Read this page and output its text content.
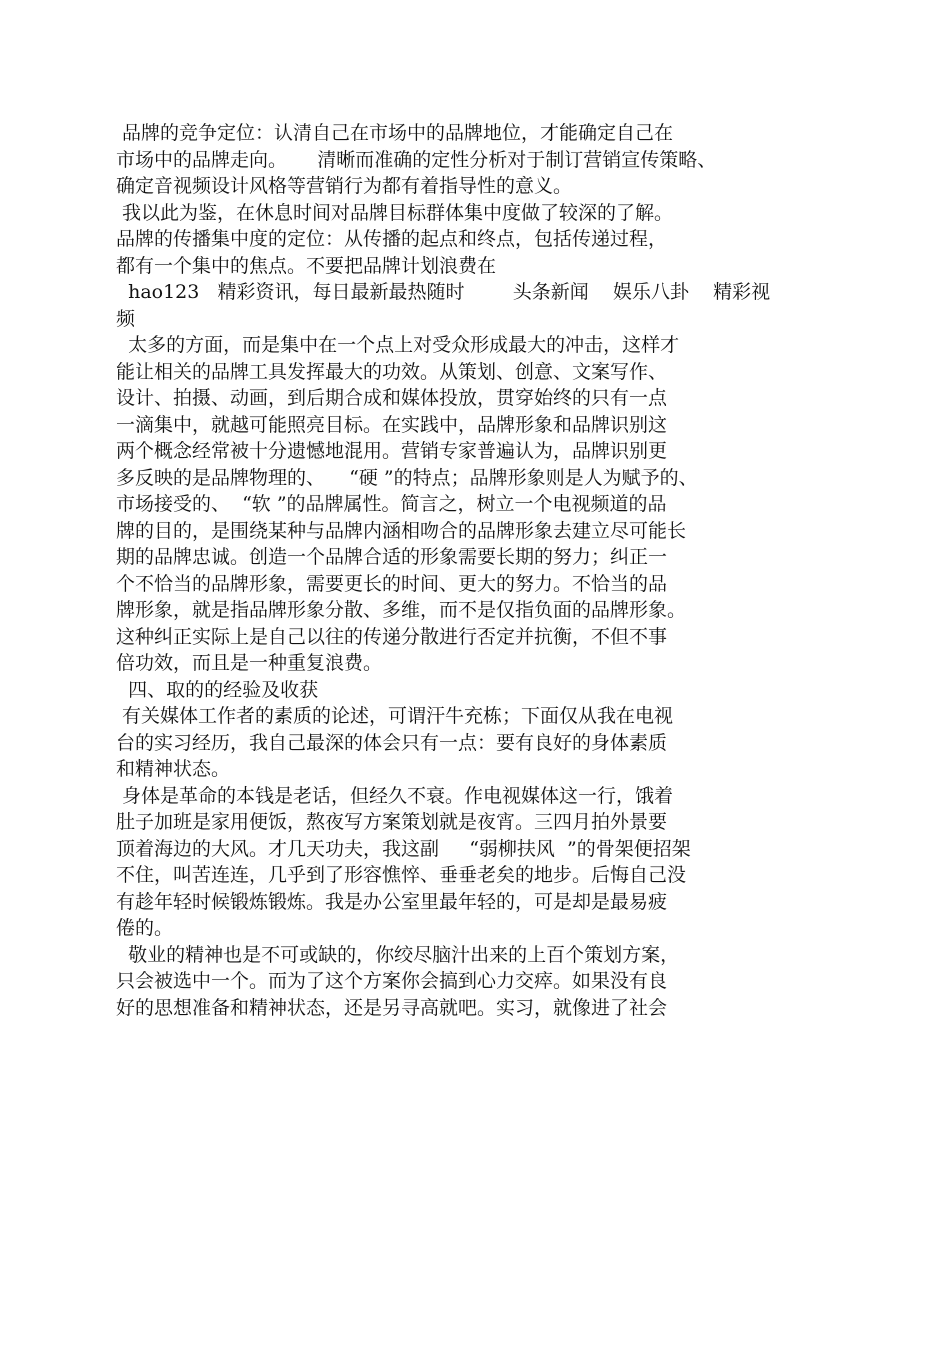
品牌的竞争定位：认清自己在市场中的品牌地位，才能确定自己在
市场中的品牌走向。     清晰而准确的定性分析对于制订营销宣传策略、
确定音视频设计风格等营销行为都有着指导性的意义。
我以此为鉴，在休息时间对品牌目标群体集中度做了较深的了解。
品牌的传播集中度的定位：从传播的起点和终点，包括传递过程，
都有一个集中的焦点。不要把品牌计划浪费在
hao123   精彩资讯，每日最新最热随时        头条新闻    娱乐八卦    精彩视
频
太多的方面，而是集中在一个点上对受众形成最大的冲击，这样才
能让相关的品牌工具发挥最大的功效。从策划、创意、文案写作、
设计、拍摄、动画，到后期合成和媒体投放，贯穿始终的只有一点
一滴集中，就越可能照亮目标。在实践中，品牌形象和品牌识别这
两个概念经常被十分遗憾地混用。营销专家普遍认为，品牌识别更
多反映的是品牌物理的、    “硬 ”的特点；品牌形象则是人为赋予的、
市场接受的、  “软 ”的品牌属性。简言之，树立一个电视频道的品
牌的目的，是围绕某种与品牌内涵相吻合的品牌形象去建立尽可能长
期的品牌忠诚。创造一个品牌合适的形象需要长期的努力；纠正一
个不恰当的品牌形象，需要更长的时间、更大的努力。不恰当的品
牌形象，就是指品牌形象分散、多维，而不是仅指负面的品牌形象。
这种纠正实际上是自己以往的传递分散进行否定并抗衡，不但不事
倍功效，而且是一种重复浪费。
四、取的的经验及收获
有关媒体工作者的素质的论述，可谓汗牛充栋；下面仅从我在电视
台的实习经历，我自己最深的体会只有一点：要有良好的身体素质
和精神状态。
身体是革命的本钱是老话，但经久不衰。作电视媒体这一行，饿着
肚子加班是家用便饭，熬夜写方案策划就是夜宵。三四月拍外景要
顶着海边的大风。才几天功夫，我这副     “弱柳扶风  ”的骨架便招架
不住，叫苦连连，几乎到了形容憔悴、垂垂老矣的地步。后悔自己没
有趁年轻时候锻炼锻炼。我是办公室里最年轻的，可是却是最易疲
倦的。
敬业的精神也是不可或缺的，你绞尽脑汁出来的上百个策划方案，
只会被选中一个。而为了这个方案你会搞到心力交瘁。如果没有良
好的思想准备和精神状态，还是另寻高就吧。实习，就像进了社会
